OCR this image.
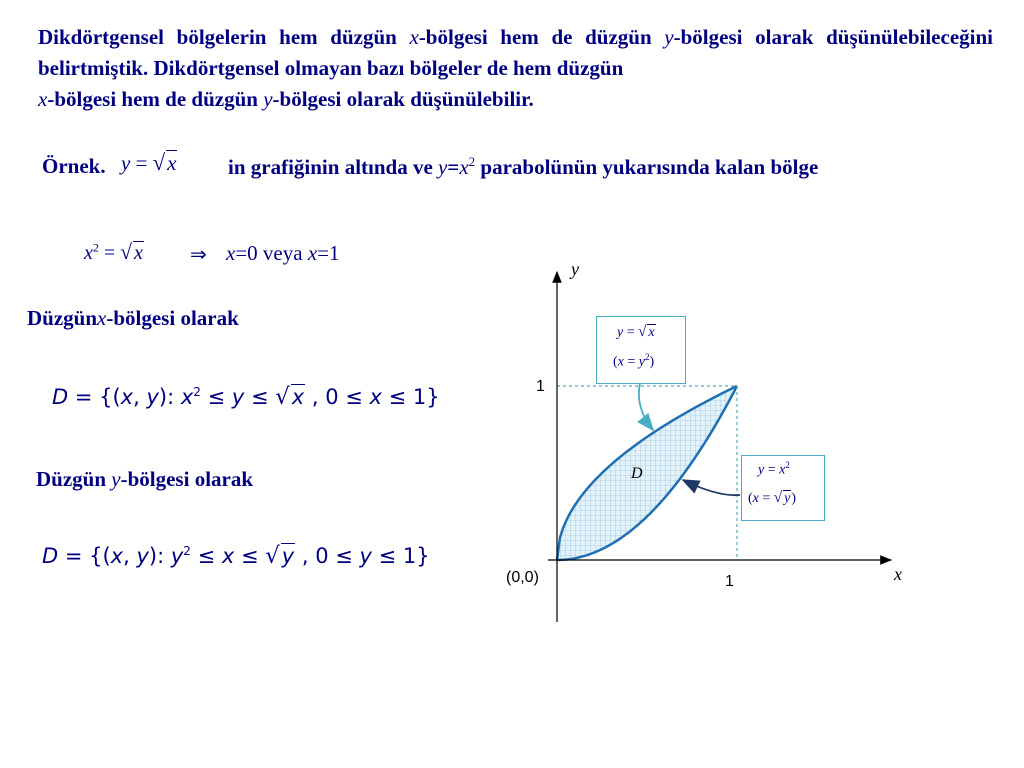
Dikdörtgensel bölgelerin hem düzgün x-bölgesi hem de düzgün y-bölgesi olarak düşünülebileceğini belirtmiştik. Dikdörtgensel olmayan bazı bölgeler de hem düzgün
x-bölgesi hem de düzgün y-bölgesi olarak düşünülebilir.

Örnek. y = √x in grafiğinin altında ve $y=x^2$ parabolünün yukarısında kalan bölge
$x^2$ = √ x ⇒ x=0 veya x=1
Düzgünx-bölgesi olarak
D = {(x, y): $x^2 \le y \le √x$ , 0 ≤ x ≤ 1}
Düzgün y-bölgesi olarak
D = {(x, y): $y^2 \le x \le √y$ , 0 ≤ y ≤ 1}
y
x
1
1
(0,0)
D
y = √ x
$(x = y^2)$
$y = x^2$
(x = √ y)
